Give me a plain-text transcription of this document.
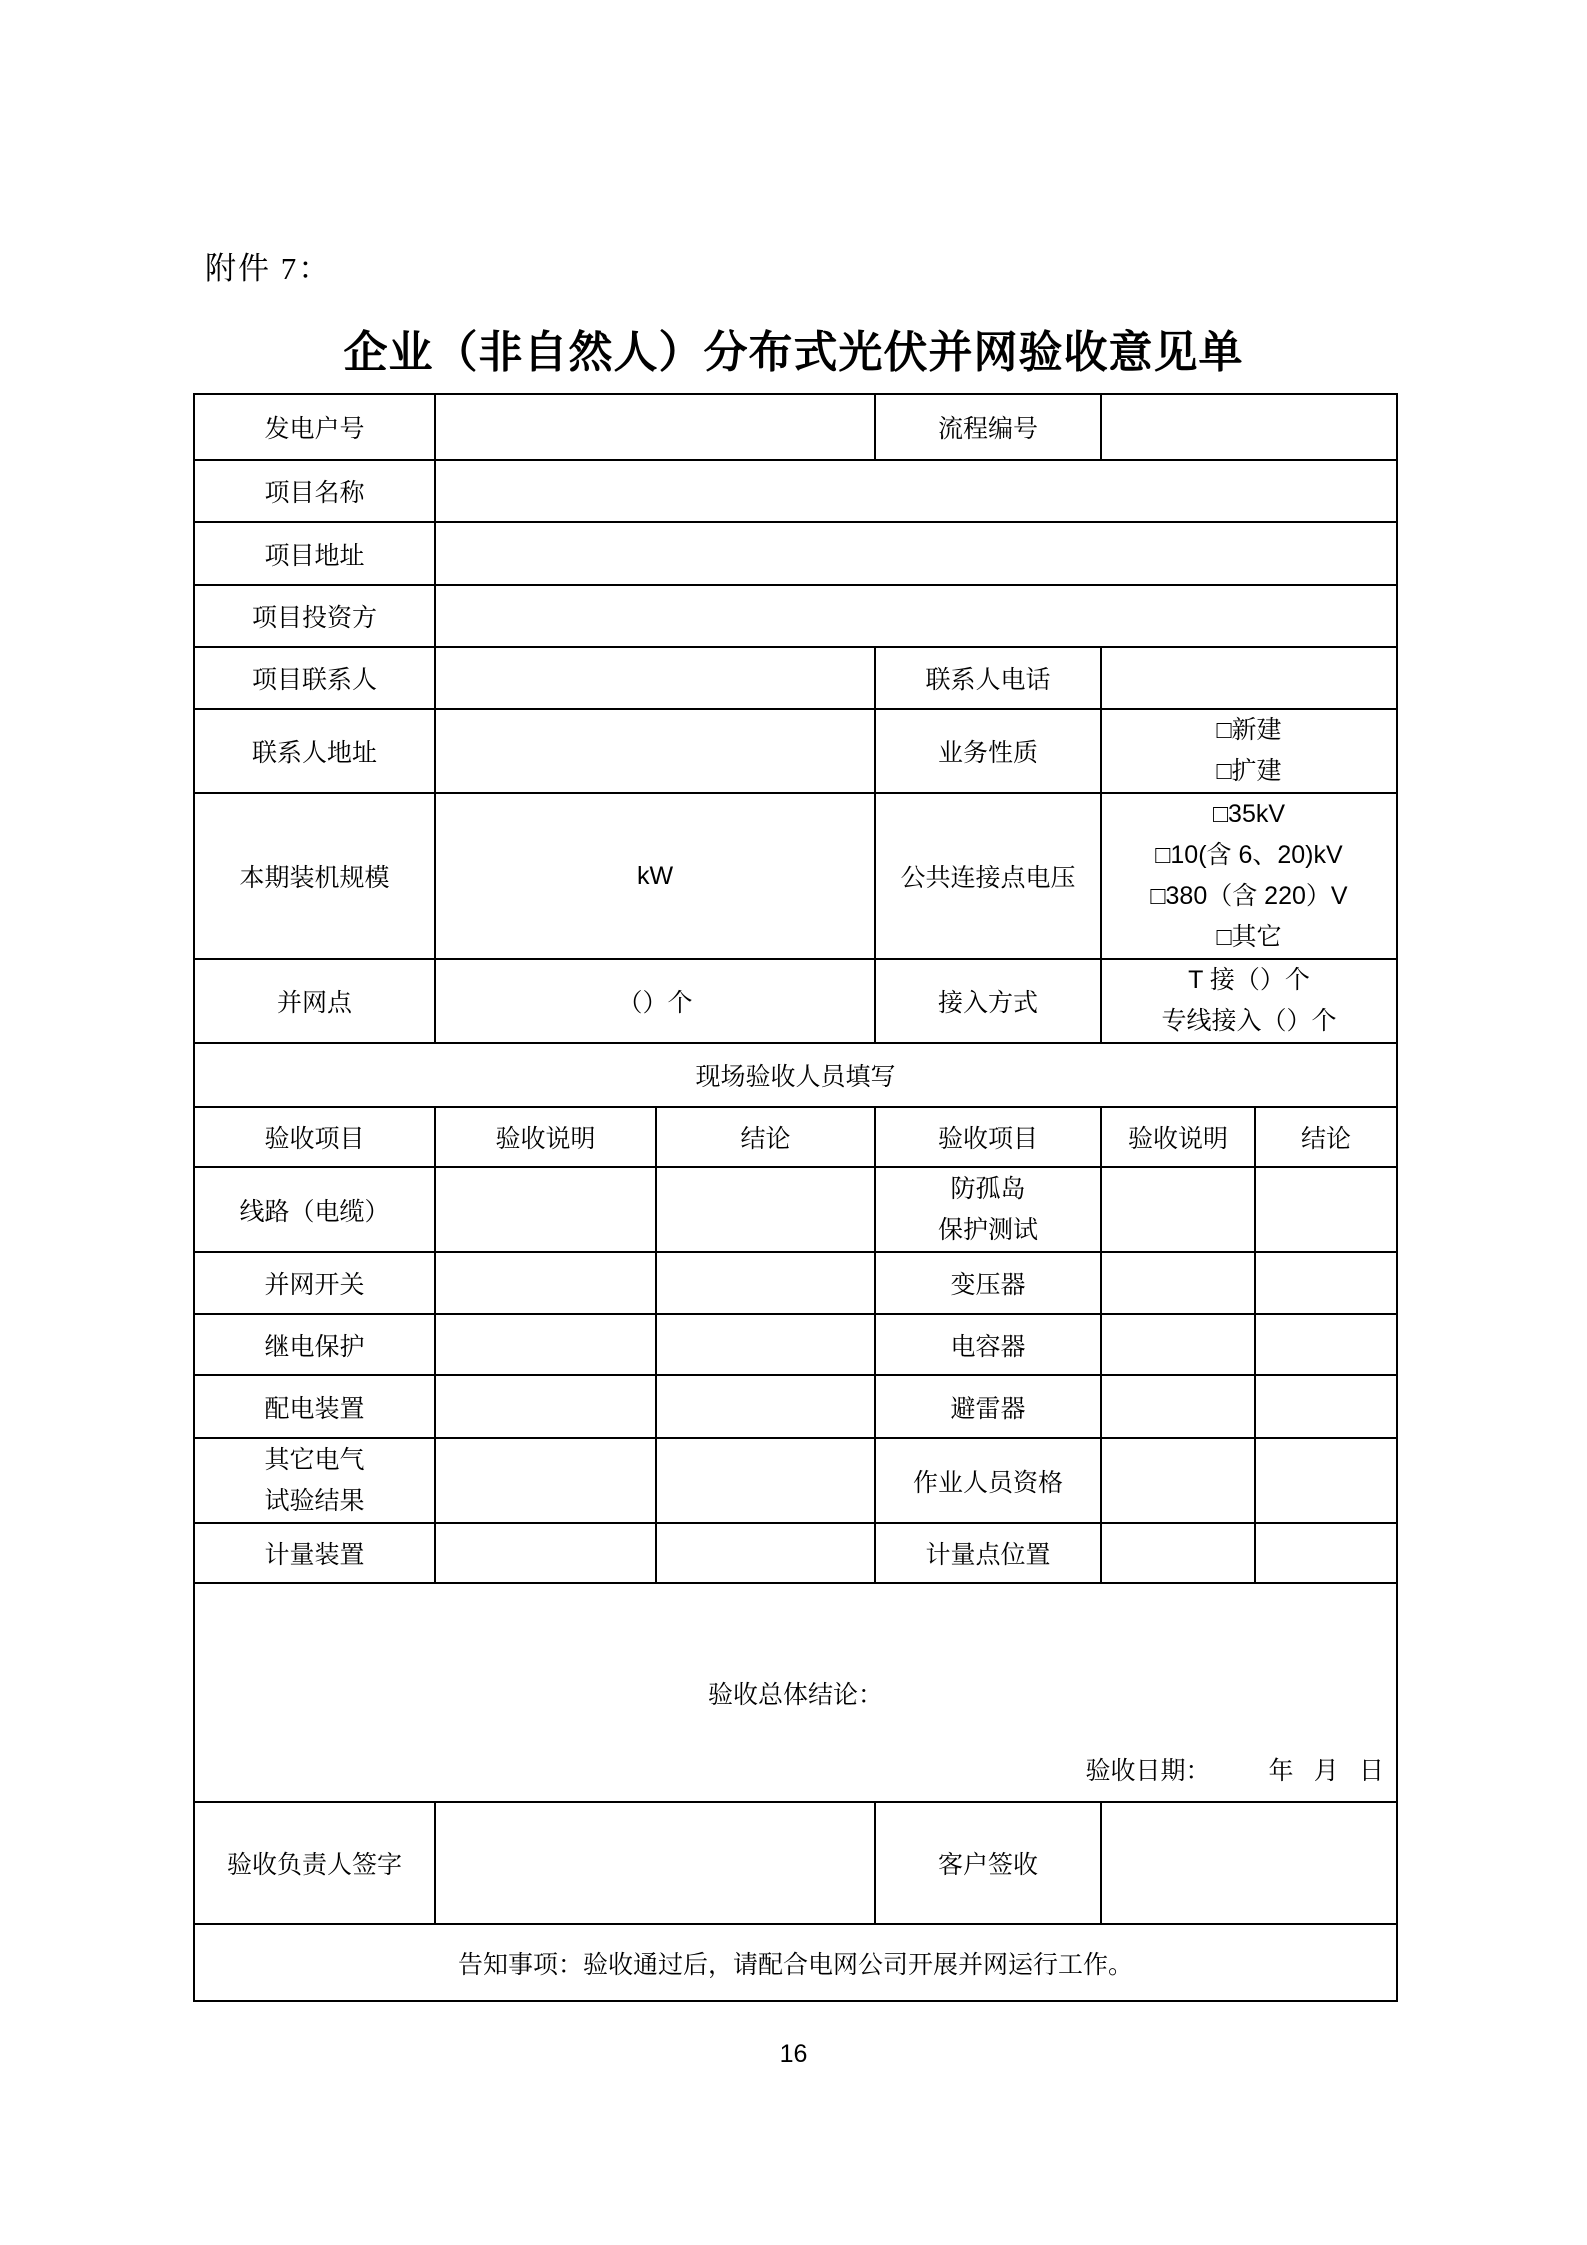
附件 7：
企业（非自然人）分布式光伏并网验收意见单
发电户号			流程编号		
项目名称					
项目地址					
项目投资方					
项目联系人			联系人电话		
联系人地址			业务性质	□新建
□扩建	

本期装机规模	kW		公共连接点电压	□35kV
□10(含 6、20)kV
□380（含 220）V
□其它	

并网点	（）个		接入方式	T 接（）个
专线接入（）个	

现场验收人员填写					
验收项目	验收说明	结论	验收项目	验收说明	结论
线路（电缆）			防孤岛
保护测试		

并网开关			变压器		
继电保护			电容器		
配电装置			避雷器		

其它电气
试验结果			作业人员资格		
计量装置			计量点位置		

验收总体结论：
验收日期： 年 月 日					

验收负责人签字			客户签收		
告知事项：验收通过后，请配合电网公司开展并网运行工作。					
16
